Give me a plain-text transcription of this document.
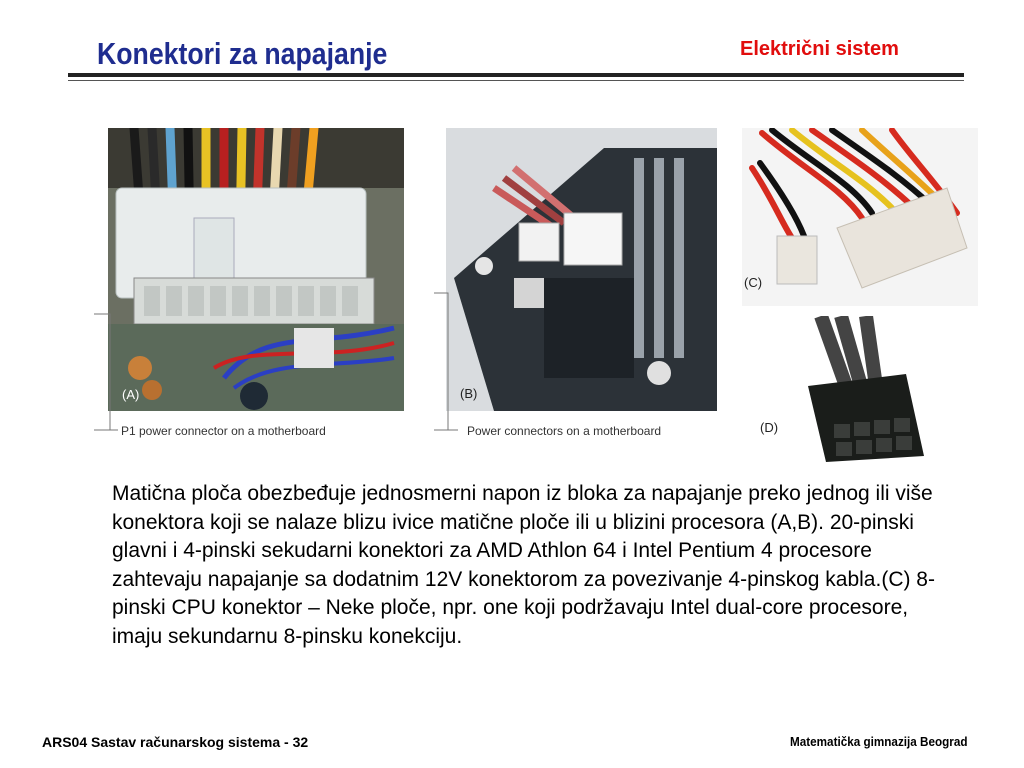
Konektori za napajanje	Električni sistem
(A)
P1 power connector on a motherboard
(B)
Power connectors on a motherboard
(C)
(D)
Matična ploča obezbeđuje jednosmerni napon iz bloka za napajanje preko jednog ili više konektora koji se nalaze blizu ivice matične ploče ili u blizini procesora (A,B). 20-pinski glavni i 4-pinski sekudarni konektori za AMD Athlon 64 i Intel Pentium 4 procesore zahtevaju napajanje sa dodatnim 12V konektorom za povezivanje 4-pinskog kabla.(C) 8-pinski CPU konektor – Neke ploče, npr. one koji podržavaju Intel dual-core procesore, imaju sekundarnu 8-pinsku konekciju.
ARS04 Sastav računarskog sistema - 32	Matematička gimnazija Beograd
